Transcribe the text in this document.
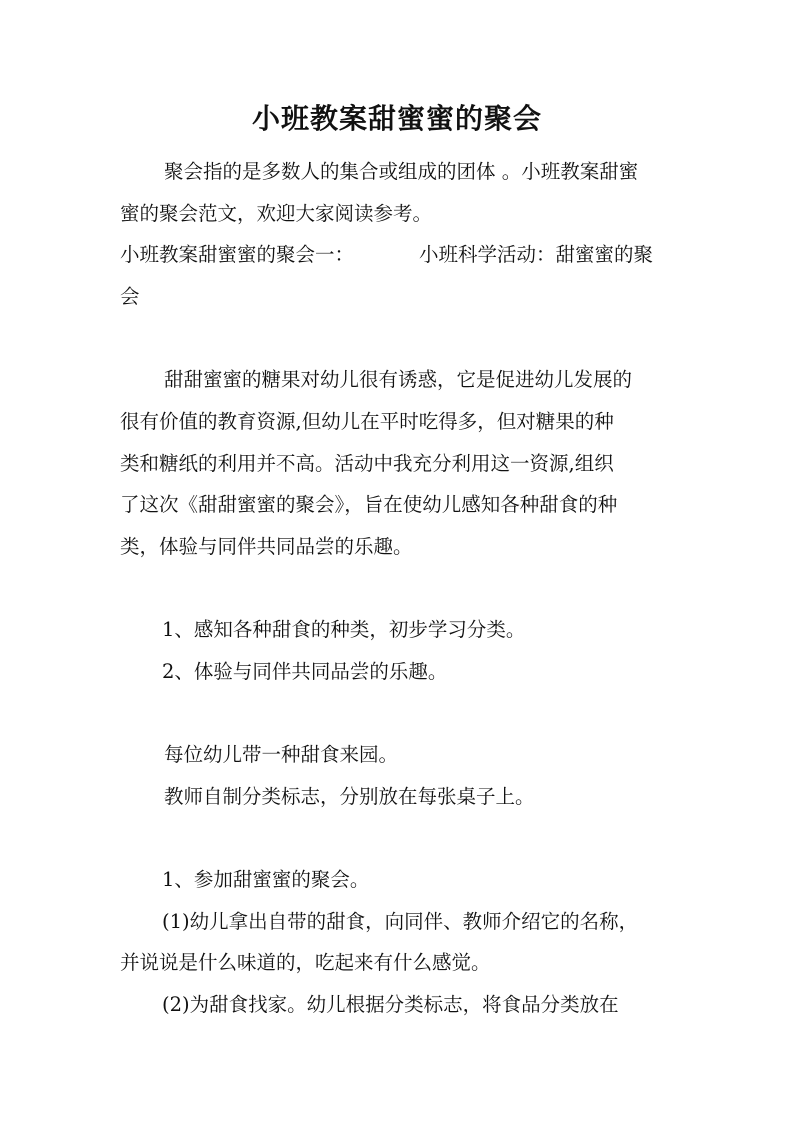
小班教案甜蜜蜜的聚会

聚会指的是多数人的集合或组成的团体 。小班教案甜蜜

蜜的聚会范文，欢迎大家阅读参考。

小班教案甜蜜蜜的聚会一：	小班科学活动：甜蜜蜜的聚

会

甜甜蜜蜜的糖果对幼儿很有诱惑，它是促进幼儿发展的

很有价值的教育资源,但幼儿在平时吃得多，但对糖果的种

类和糖纸的利用并不高。活动中我充分利用这一资源,组织

了这次《甜甜蜜蜜的聚会》，旨在使幼儿感知各种甜食的种

类，体验与同伴共同品尝的乐趣。

1、感知各种甜食的种类，初步学习分类。

2、体验与同伴共同品尝的乐趣。

每位幼儿带一种甜食来园。

教师自制分类标志，分别放在每张桌子上。

1、参加甜蜜蜜的聚会。

(1)幼儿拿出自带的甜食，向同伴、教师介绍它的名称，

并说说是什么味道的，吃起来有什么感觉。

(2)为甜食找家。幼儿根据分类标志，将食品分类放在
